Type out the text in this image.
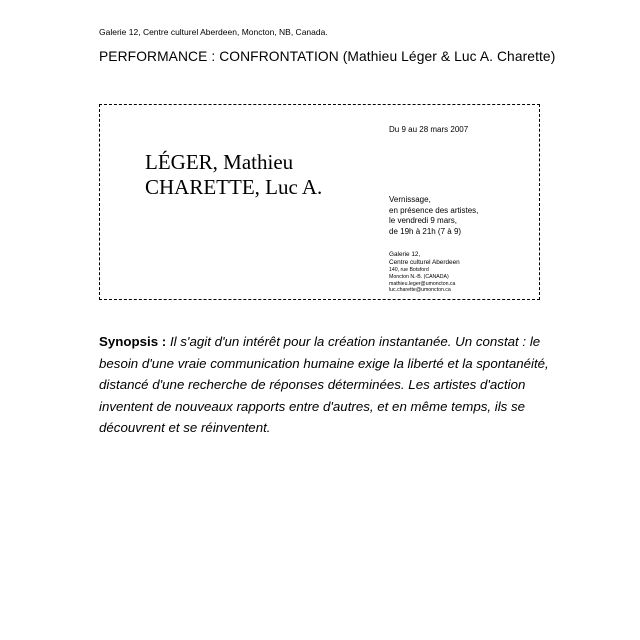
Galerie 12, Centre culturel Aberdeen, Moncton, NB, Canada.
PERFORMANCE : CONFRONTATION (Mathieu Léger & Luc A. Charette)
LÉGER, Mathieu
CHARETTE, Luc A.
Du 9 au 28 mars 2007
Vernissage,
en présence des artistes,
le vendredi 9 mars,
de 19h à 21h (7 à 9)
Galerie 12,
Centre culturel Aberdeen
140, rue Botsford
Moncton N.-B. (CANADA)
mathieu.leger@umoncton.ca
luc.charette@umoncton.ca
Synopsis : Il s'agit d'un intérêt pour la création instantanée. Un constat : le besoin d'une vraie communication humaine exige la liberté et la spontanéité, distancé d'une recherche de réponses déterminées. Les artistes d'action inventent de nouveaux rapports entre d'autres, et en même temps, ils se découvrent et se réinventent.
